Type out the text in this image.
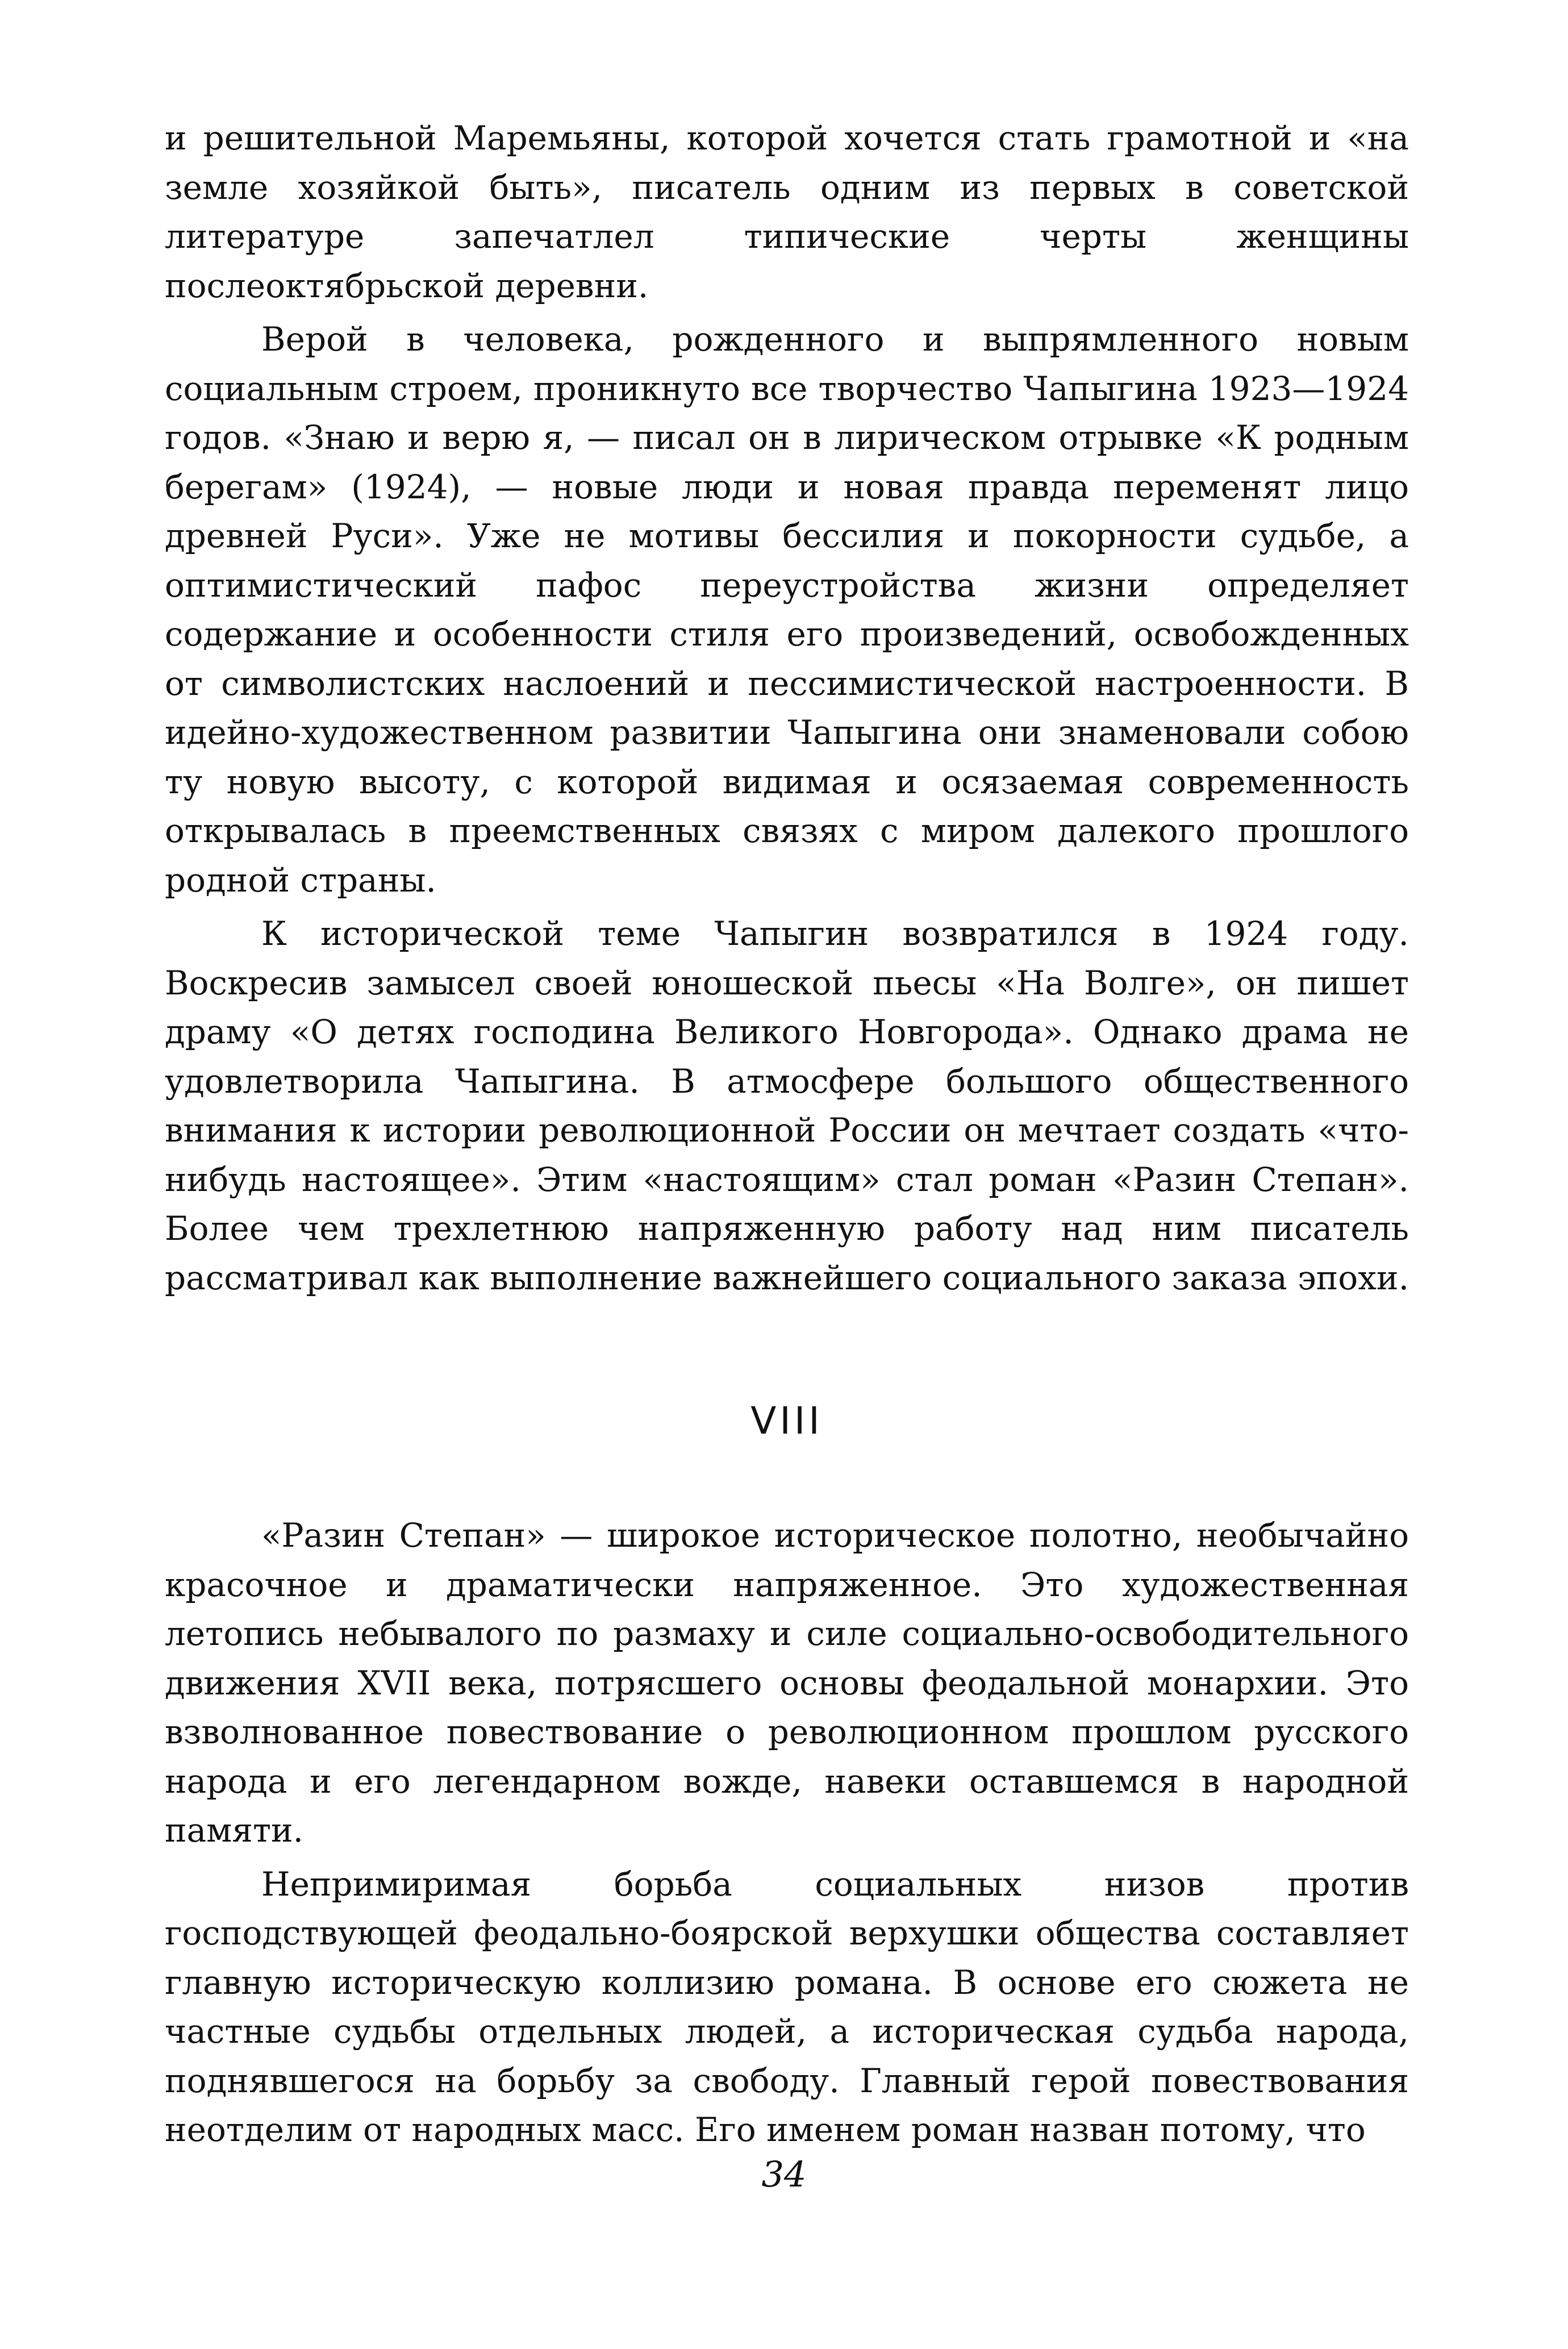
и решительной Маремьяны, которой хочется стать грамотной и «на земле хозяйкой быть», писатель одним из первых в советской литературе запечатлел типические черты женщины послеоктябрьской деревни.

Верой в человека, рожденного и выпрямленного новым социальным строем, проникнуто все творчество Чапыгина 1923—1924 годов. «Знаю и верю я, — писал он в лирическом отрывке «К родным берегам» (1924), — новые люди и новая правда переменят лицо древней Руси». Уже не мотивы бессилия и покорности судьбе, а оптимистический пафос переустройства жизни определяет содержание и особенности стиля его произведений, освобожденных от символистских наслоений и пессимистической настроенности. В идейно-художественном развитии Чапыгина они знаменовали собою ту новую высоту, с которой видимая и осязаемая современность открывалась в преемственных связях с миром далекого прошлого родной страны.

К исторической теме Чапыгин возвратился в 1924 году. Воскресив замысел своей юношеской пьесы «На Волге», он пишет драму «О детях господина Великого Новгорода». Однако драма не удовлетворила Чапыгина. В атмосфере большого общественного внимания к истории революционной России он мечтает создать «что-нибудь настоящее». Этим «настоящим» стал роман «Разин Степан». Более чем трехлетнюю напряженную работу над ним писатель рассматривал как выполнение важнейшего социального заказа эпохи.

VIII

«Разин Степан» — широкое историческое полотно, необычайно красочное и драматически напряженное. Это художественная летопись небывалого по размаху и силе социально-освободительного движения XVII века, потрясшего основы феодальной монархии. Это взволнованное повествование о революционном прошлом русского народа и его легендарном вожде, навеки оставшемся в народной памяти.

Непримиримая борьба социальных низов против господствующей феодально-боярской верхушки общества составляет главную историческую коллизию романа. В основе его сюжета не частные судьбы отдельных людей, а историческая судьба народа, поднявшегося на борьбу за свободу. Главный герой повествования неотделим от народных масс. Его именем роман назван потому, что

34
